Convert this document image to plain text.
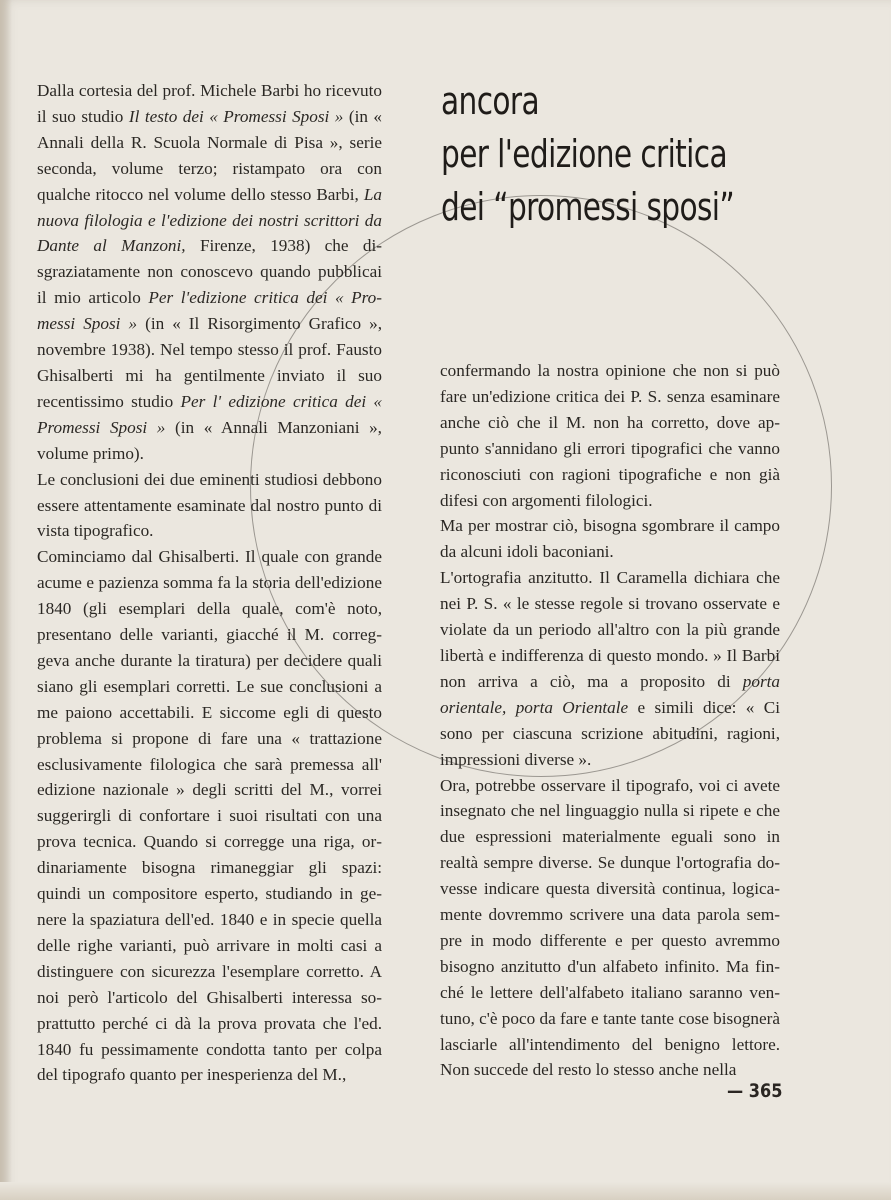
Dalla cortesia del prof. Michele Barbi ho ricevuto il suo studio Il testo dei « Promessi Sposi » (in « Annali della R. Scuola Normale di Pisa », serie seconda, volume terzo; ristampato ora con qualche ritocco nel volume dello stesso Barbi, La nuova filologia e l'edizione dei nostri scrittori da Dante al Manzoni, Firenze, 1938) che disgraziatamente non conoscevo quando pubblicai il mio articolo Per l'edizione critica dei « Promessi Sposi » (in « Il Risorgimento Grafico », novembre 1938). Nel tempo stesso il prof. Fausto Ghisalberti mi ha gentilmente inviato il suo recentissimo studio Per l' edizione critica dei « Promessi Sposi » (in « Annali Manzoniani », volume primo).

Le conclusioni dei due eminenti studiosi debbono essere attentamente esaminate dal nostro punto di vista tipografico.

Cominciamo dal Ghisalberti. Il quale con grande acume e pazienza somma fa la storia dell'edizione 1840 (gli esemplari della quale, com'è noto, presentano delle varianti, giacché il M. correggeva anche durante la tiratura) per decidere quali siano gli esemplari corretti. Le sue conclusioni a me paiono accettabili. E siccome egli di questo problema si propone di fare una « trattazione esclusivamente filologica che sarà premessa all' edizione nazionale » degli scritti del M., vorrei suggerirgli di confortare i suoi risultati con una prova tecnica. Quando si corregge una riga, ordinariamente bisogna rimaneggiar gli spazi: quindi un compositore esperto, studiando in genere la spaziatura dell'ed. 1840 e in specie quella delle righe varianti, può arrivare in molti casi a distinguere con sicurezza l'esemplare corretto. A noi però l'articolo del Ghisalberti interessa soprattutto perché ci dà la prova provata che l'ed. 1840 fu pessimamente condotta tanto per colpa del tipografo quanto per inesperienza del M.,

ancora
per l'edizione critica
dei “promessi sposi”

confermando la nostra opinione che non si può fare un'edizione critica dei P. S. senza esaminare anche ciò che il M. non ha corretto, dove appunto s'annidano gli errori tipografici che vanno riconosciuti con ragioni tipografiche e non già difesi con argomenti filologici.

Ma per mostrar ciò, bisogna sgombrare il campo da alcuni idoli baconiani.

L'ortografia anzitutto. Il Caramella dichiara che nei P. S. « le stesse regole si trovano osservate e violate da un periodo all'altro con la più grande libertà e indifferenza di questo mondo. » Il Barbi non arriva a ciò, ma a proposito di porta orientale, porta Orientale e simili dice: « Ci sono per ciascuna scrizione abitudini, ragioni, impressioni diverse ».

Ora, potrebbe osservare il tipografo, voi ci avete insegnato che nel linguaggio nulla si ripete e che due espressioni materialmente eguali sono in realtà sempre diverse. Se dunque l'ortografia dovesse indicare questa diversità continua, logicamente dovremmo scrivere una data parola sempre in modo differente e per questo avremmo bisogno anzitutto d'un alfabeto infinito. Ma finché le lettere dell'alfabeto italiano saranno ventuno, c'è poco da fare e tante tante cose bisognerà lasciarle all'intendimento del benigno lettore. Non succede del resto lo stesso anche nella

— 365
